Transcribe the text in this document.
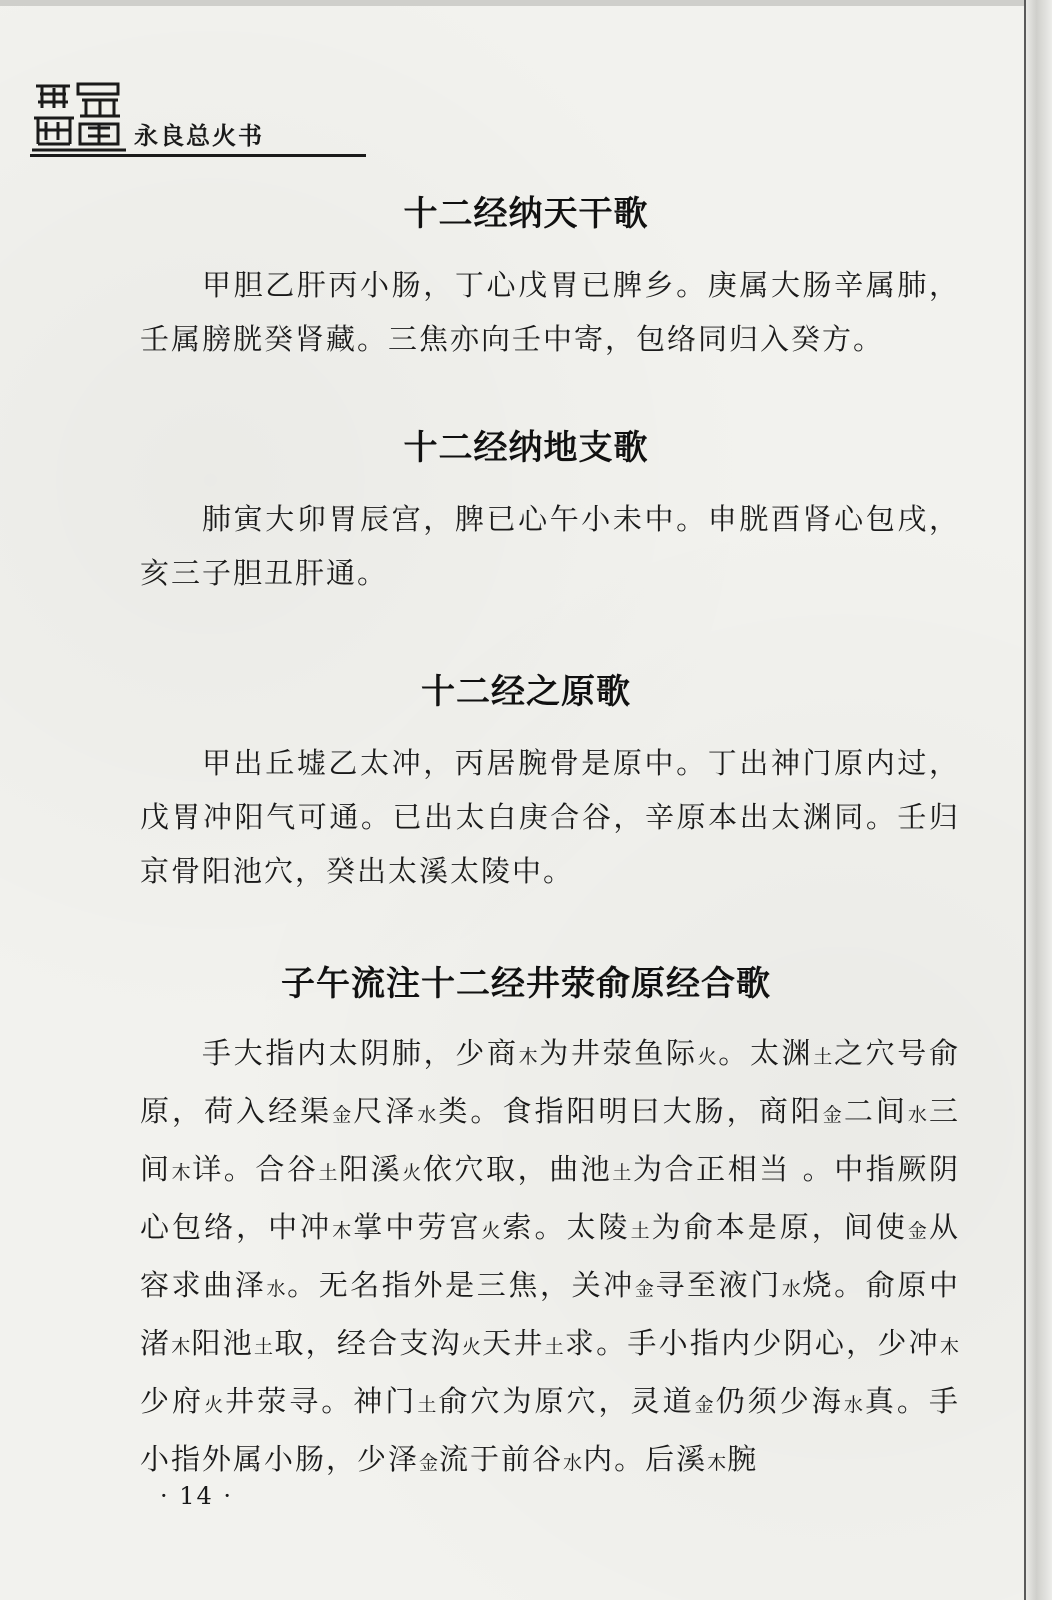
永良总火书
十二经纳天干歌

甲胆乙肝丙小肠，丁心戊胃已脾乡。庚属大肠辛属肺，壬属膀胱癸肾藏。三焦亦向壬中寄，包络同归入癸方。

十二经纳地支歌

肺寅大卯胃辰宫，脾已心午小未中。申胱酉肾心包戌，亥三子胆丑肝通。

十二经之原歌

甲出丘墟乙太冲，丙居腕骨是原中。丁出神门原内过，戊胃冲阳气可通。已出太白庚合谷，辛原本出太渊同。壬归京骨阳池穴，癸出太溪太陵中。

子午流注十二经井荥俞原经合歌

手大指内太阴肺，少商木为井荥鱼际火。太渊土之穴号俞原，荷入经渠金尺泽水类。食指阳明曰大肠，商阳金二间水三间木详。合谷土阳溪火依穴取，曲池土为合正相当 。中指厥阴心包络，中冲木掌中劳宫火索。太陵土为俞本是原，间使金从容求曲泽水。无名指外是三焦，关冲金寻至液门水烧。俞原中渚木阳池土取，经合支沟火天井土求。手小指内少阴心，少冲木少府火井荥寻。神门土俞穴为原穴，灵道金仍须少海水真。手小指外属小肠，少泽金流于前谷水内。后溪木腕

· 14 ·
